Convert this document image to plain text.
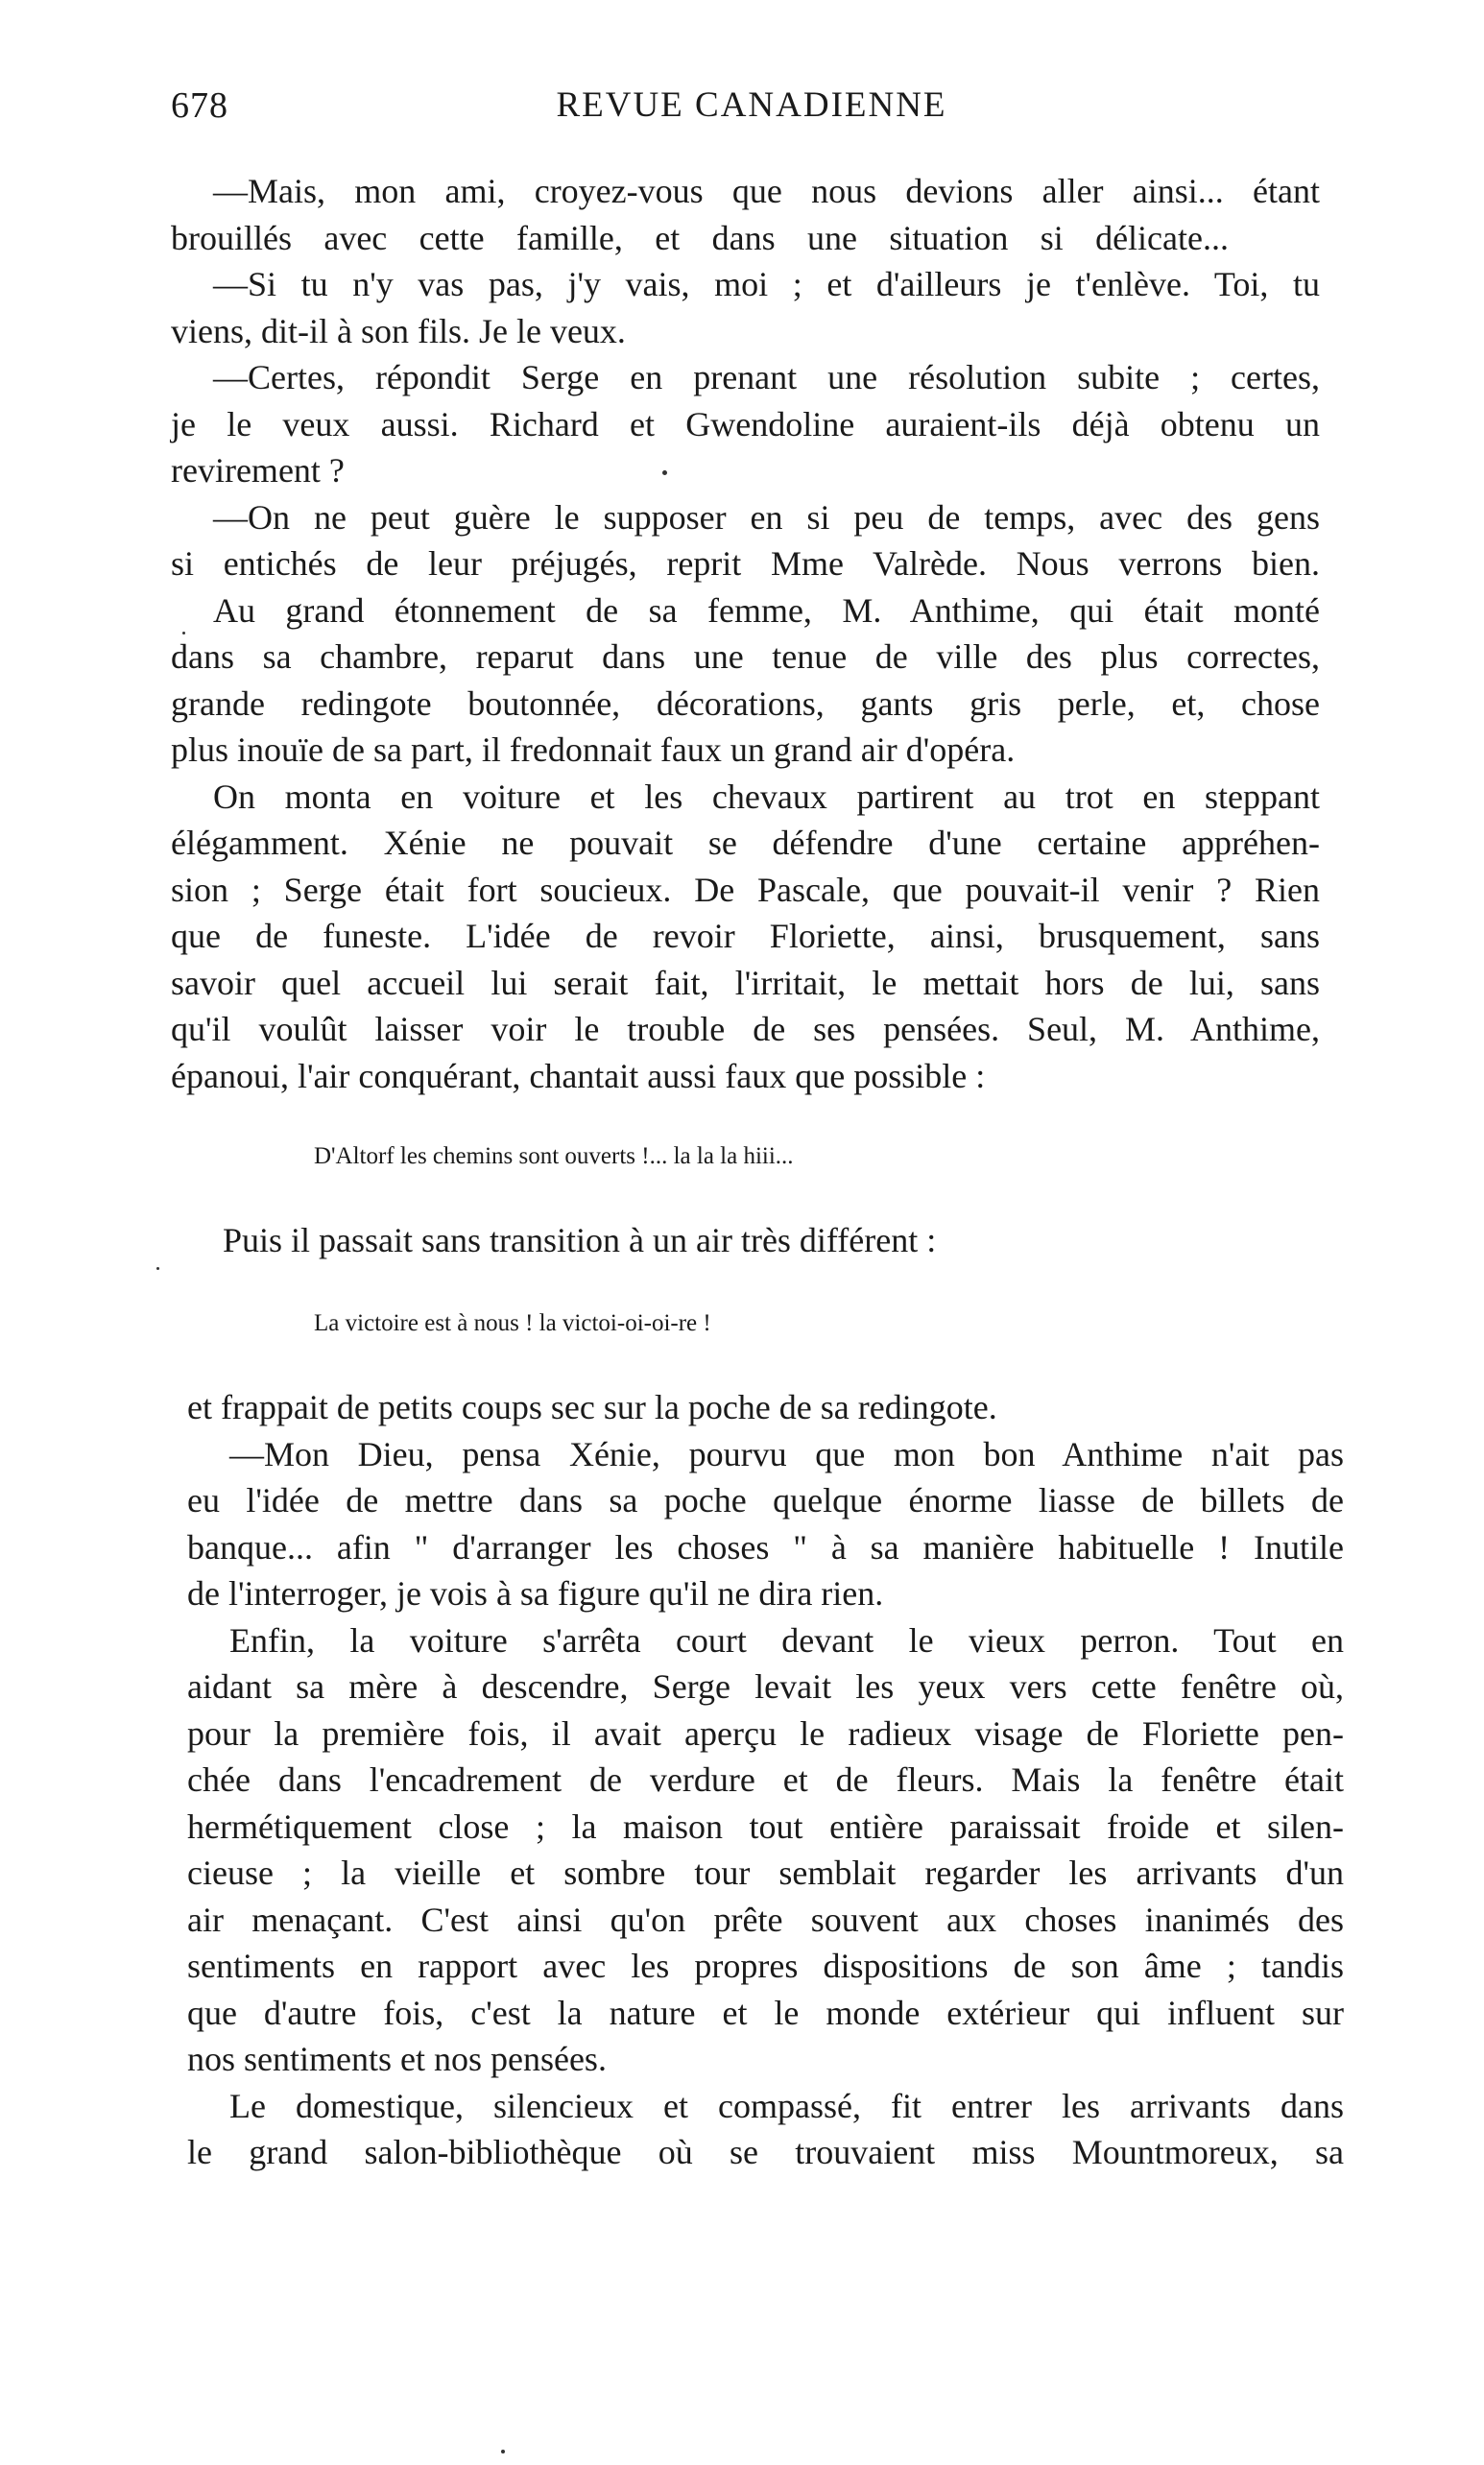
678	REVUE CANADIENNE
—Mais, mon ami, croyez-vous que nous devions aller ainsi... étant
brouillés avec cette famille, et dans une situation si délicate...
—Si tu n'y vas pas, j'y vais, moi ; et d'ailleurs je t'enlève. Toi, tu
viens, dit-il à son fils. Je le veux.
—Certes, répondit Serge en prenant une résolution subite ; certes,
je le veux aussi. Richard et Gwendoline auraient-ils déjà obtenu un
revirement ?
—On ne peut guère le supposer en si peu de temps, avec des gens
si entichés de leur préjugés, reprit Mme Valrède. Nous verrons bien.
Au grand étonnement de sa femme, M. Anthime, qui était monté
dans sa chambre, reparut dans une tenue de ville des plus correctes,
grande redingote boutonnée, décorations, gants gris perle, et, chose
plus inouïe de sa part, il fredonnait faux un grand air d'opéra.
On monta en voiture et les chevaux partirent au trot en steppant
élégamment. Xénie ne pouvait se défendre d'une certaine appréhen-
sion ; Serge était fort soucieux. De Pascale, que pouvait-il venir ? Rien
que de funeste. L'idée de revoir Floriette, ainsi, brusquement, sans
savoir quel accueil lui serait fait, l'irritait, le mettait hors de lui, sans
qu'il voulût laisser voir le trouble de ses pensées. Seul, M. Anthime,
épanoui, l'air conquérant, chantait aussi faux que possible :
D'Altorf les chemins sont ouverts !... la la la hiii...
Puis il passait sans transition à un air très différent :
La victoire est à nous ! la victoi-oi-oi-re !
et frappait de petits coups sec sur la poche de sa redingote.
—Mon Dieu, pensa Xénie, pourvu que mon bon Anthime n'ait pas
eu l'idée de mettre dans sa poche quelque énorme liasse de billets de
banque... afin " d'arranger les choses " à sa manière habituelle ! Inutile
de l'interroger, je vois à sa figure qu'il ne dira rien.
Enfin, la voiture s'arrêta court devant le vieux perron. Tout en
aidant sa mère à descendre, Serge levait les yeux vers cette fenêtre où,
pour la première fois, il avait aperçu le radieux visage de Floriette pen-
chée dans l'encadrement de verdure et de fleurs. Mais la fenêtre était
hermétiquement close ; la maison tout entière paraissait froide et silen-
cieuse ; la vieille et sombre tour semblait regarder les arrivants d'un
air menaçant. C'est ainsi qu'on prête souvent aux choses inanimés des
sentiments en rapport avec les propres dispositions de son âme ; tandis
que d'autre fois, c'est la nature et le monde extérieur qui influent sur
nos sentiments et nos pensées.
Le domestique, silencieux et compassé, fit entrer les arrivants dans
le grand salon-bibliothèque où se trouvaient miss Mountmoreux, sa
